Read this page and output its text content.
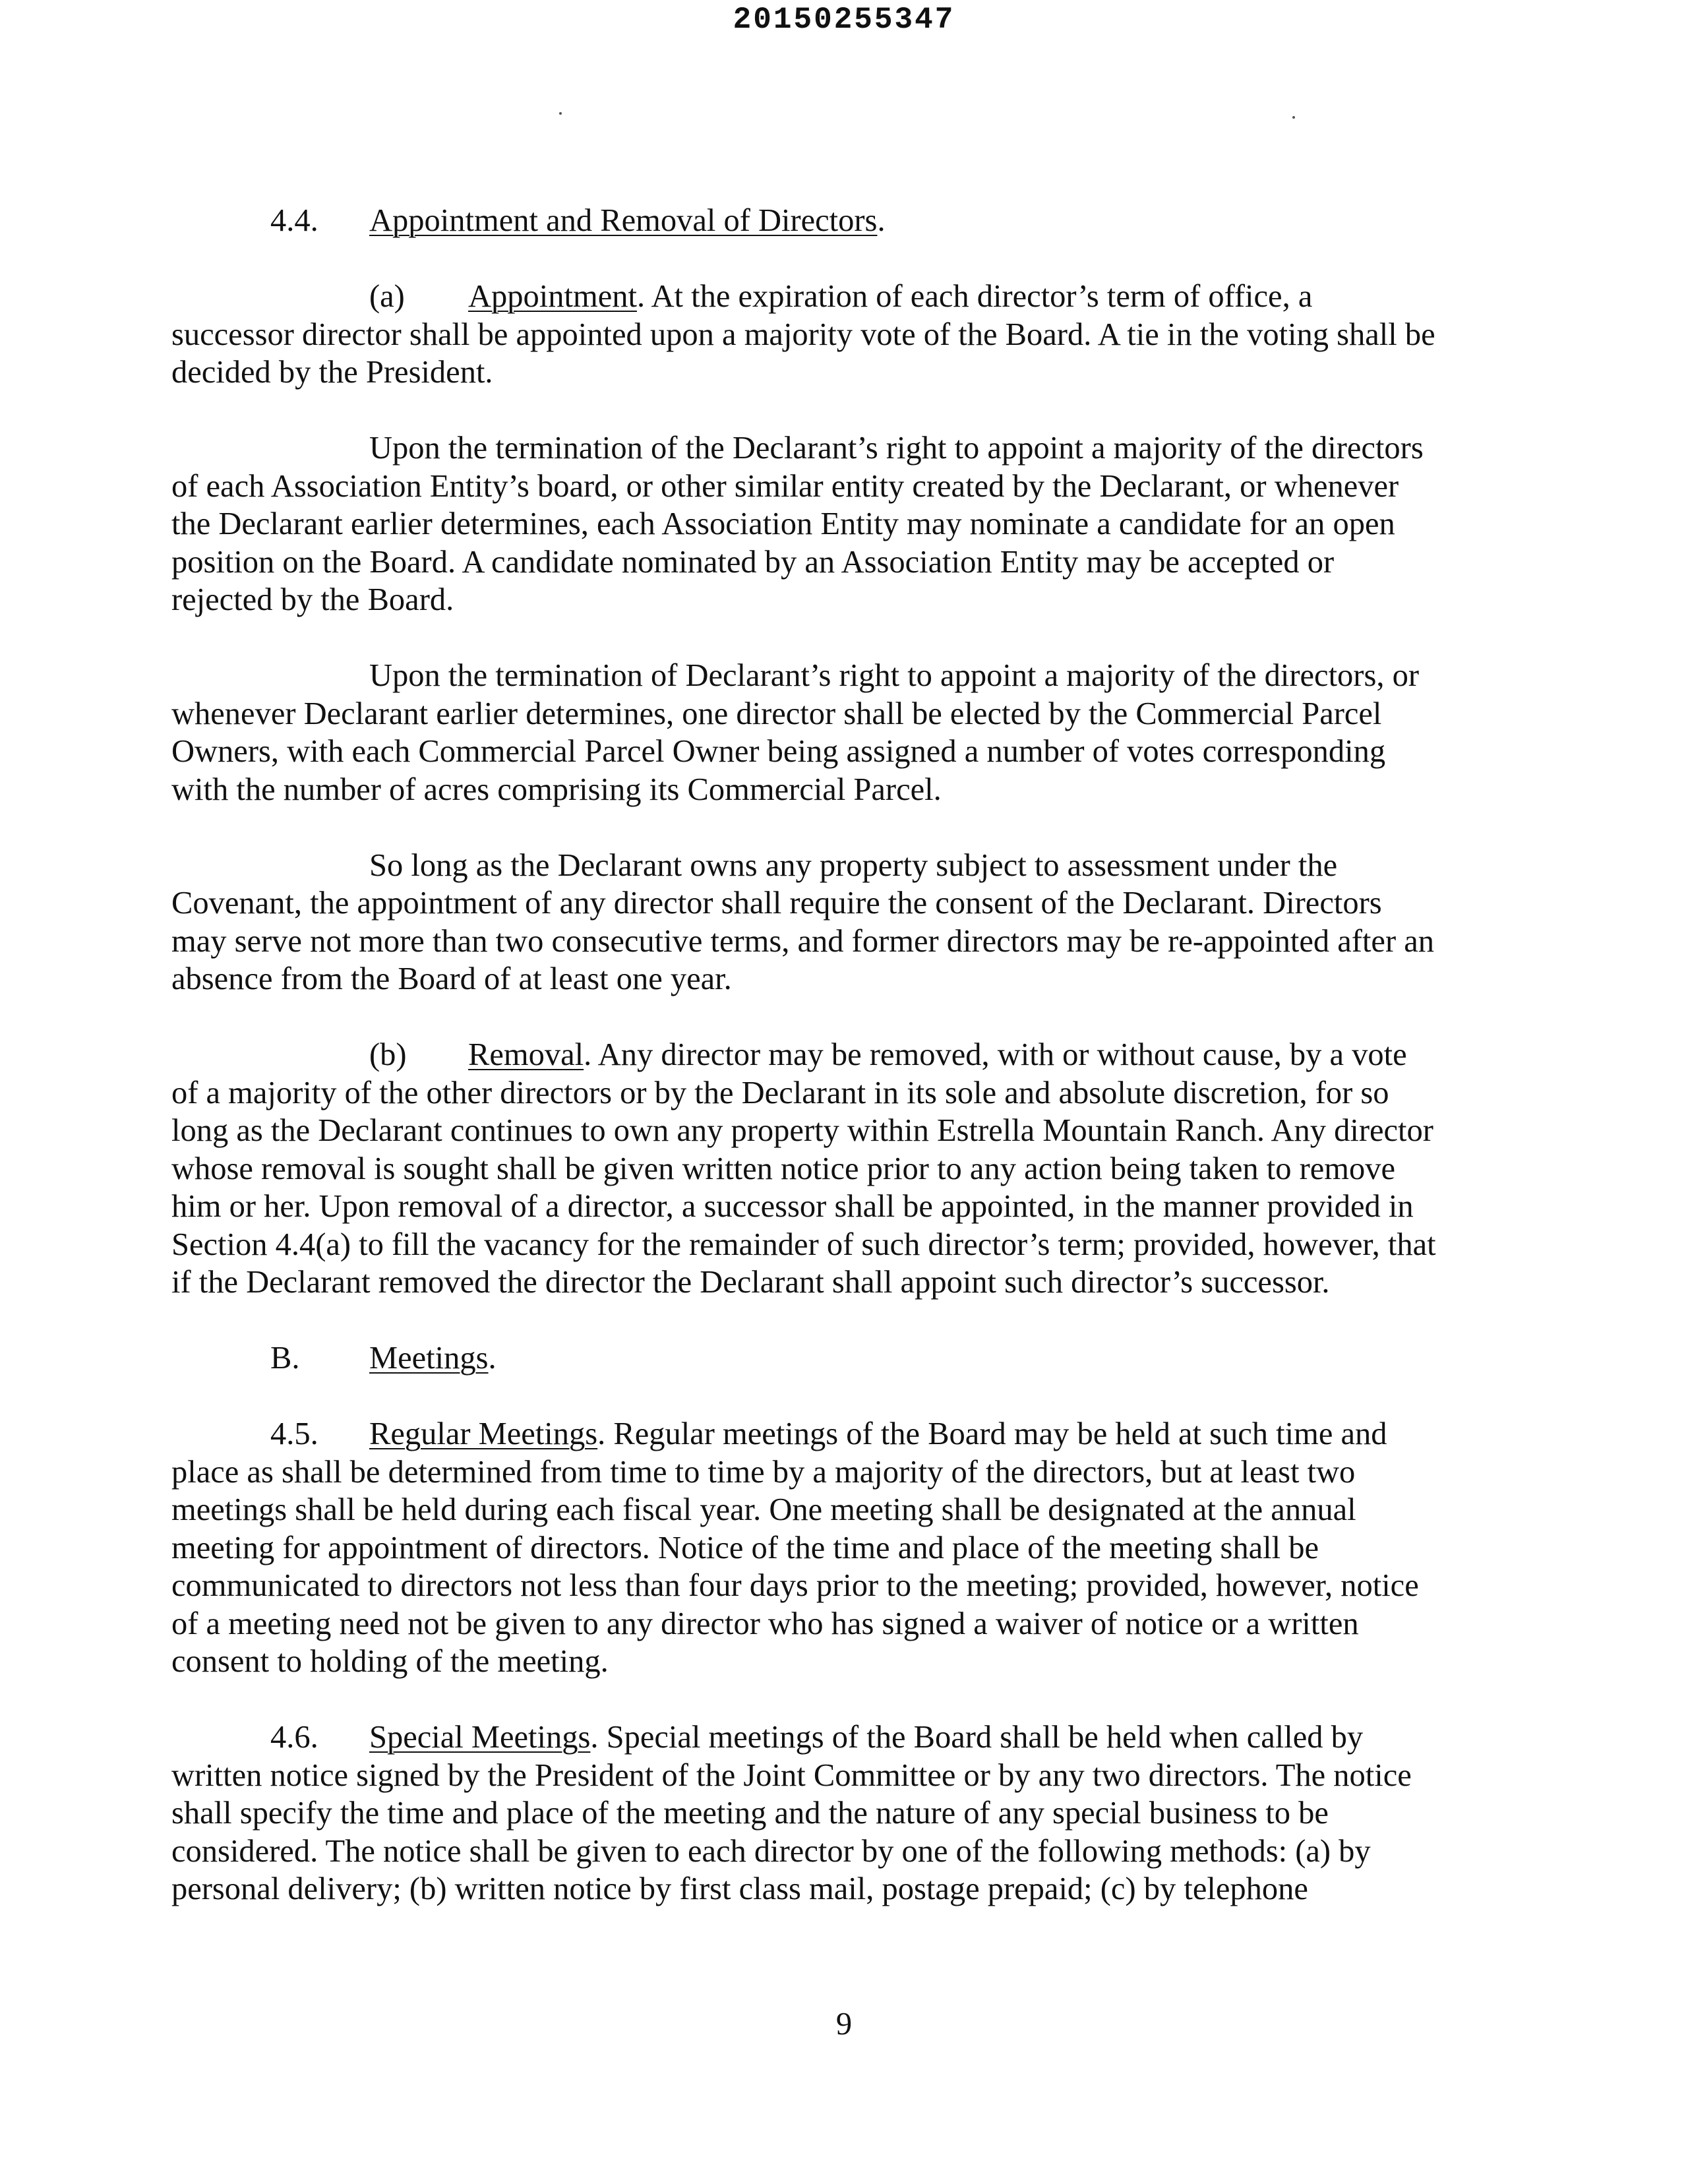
20150255347

4.4. Appointment and Removal of Directors.

(a) Appointment. At the expiration of each director’s term of office, a successor director shall be appointed upon a majority vote of the Board. A tie in the voting shall be decided by the President.

Upon the termination of the Declarant’s right to appoint a majority of the directors of each Association Entity’s board, or other similar entity created by the Declarant, or whenever the Declarant earlier determines, each Association Entity may nominate a candidate for an open position on the Board. A candidate nominated by an Association Entity may be accepted or rejected by the Board.

Upon the termination of Declarant’s right to appoint a majority of the directors, or whenever Declarant earlier determines, one director shall be elected by the Commercial Parcel Owners, with each Commercial Parcel Owner being assigned a number of votes corresponding with the number of acres comprising its Commercial Parcel.

So long as the Declarant owns any property subject to assessment under the Covenant, the appointment of any director shall require the consent of the Declarant. Directors may serve not more than two consecutive terms, and former directors may be re-appointed after an absence from the Board of at least one year.

(b) Removal. Any director may be removed, with or without cause, by a vote of a majority of the other directors or by the Declarant in its sole and absolute discretion, for so long as the Declarant continues to own any property within Estrella Mountain Ranch. Any director whose removal is sought shall be given written notice prior to any action being taken to remove him or her. Upon removal of a director, a successor shall be appointed, in the manner provided in Section 4.4(a) to fill the vacancy for the remainder of such director’s term; provided, however, that if the Declarant removed the director the Declarant shall appoint such director’s successor.

B. Meetings.

4.5. Regular Meetings. Regular meetings of the Board may be held at such time and place as shall be determined from time to time by a majority of the directors, but at least two meetings shall be held during each fiscal year. One meeting shall be designated at the annual meeting for appointment of directors. Notice of the time and place of the meeting shall be communicated to directors not less than four days prior to the meeting; provided, however, notice of a meeting need not be given to any director who has signed a waiver of notice or a written consent to holding of the meeting.

4.6. Special Meetings. Special meetings of the Board shall be held when called by written notice signed by the President of the Joint Committee or by any two directors. The notice shall specify the time and place of the meeting and the nature of any special business to be considered. The notice shall be given to each director by one of the following methods: (a) by personal delivery; (b) written notice by first class mail, postage prepaid; (c) by telephone

9
